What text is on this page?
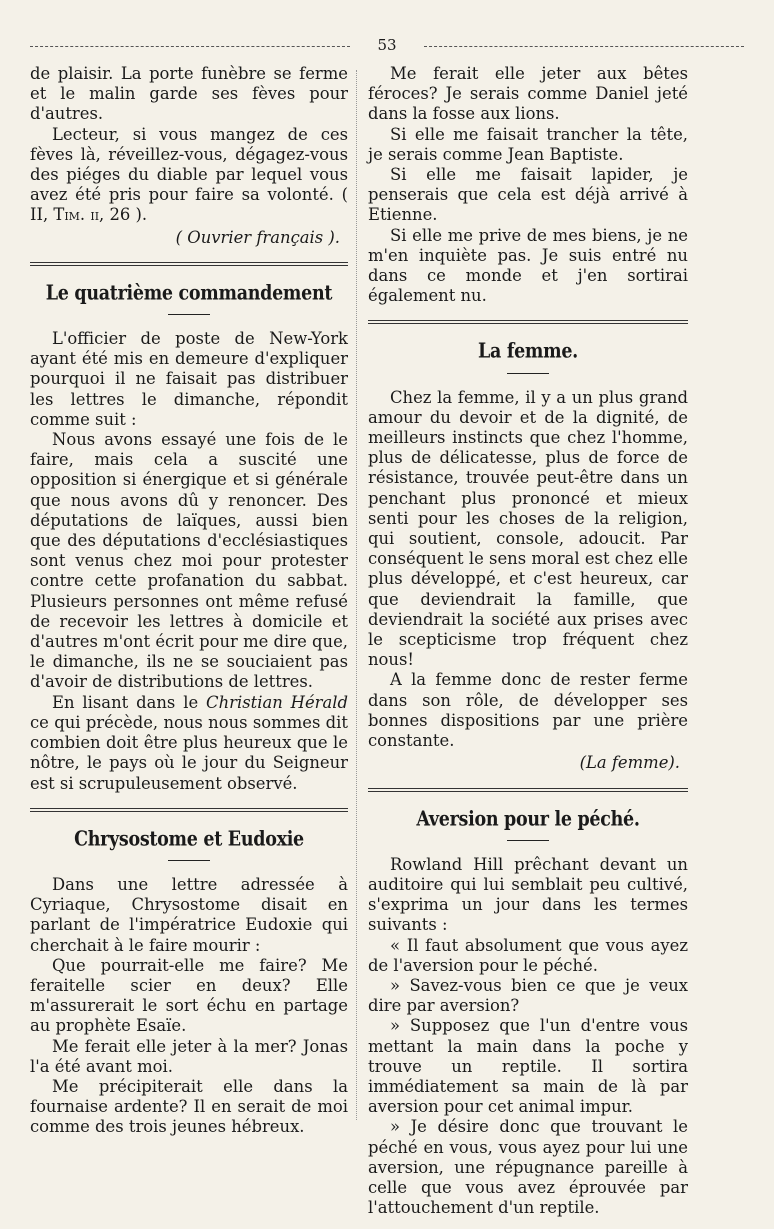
53

de plaisir. La porte funèbre se ferme et le malin garde ses fèves pour d'autres.

Lecteur, si vous mangez de ces fèves là, réveillez-vous, dégagez-vous des piéges du diable par lequel vous avez été pris pour faire sa volonté. ( II, Tim. ii, 26 ).

( Ouvrier français ).

Le quatrième commandement

L'officier de poste de New-York ayant été mis en demeure d'expliquer pourquoi il ne faisait pas distribuer les lettres le dimanche, répondit comme suit :

Nous avons essayé une fois de le faire, mais cela a suscité une opposition si énergique et si générale que nous avons dû y renoncer. Des députations de laïques, aussi bien que des députations d'ecclésiastiques sont venus chez moi pour protester contre cette profanation du sabbat. Plusieurs personnes ont même refusé de recevoir les lettres à domicile et d'autres m'ont écrit pour me dire que, le dimanche, ils ne se souciaient pas d'avoir de distributions de lettres.

En lisant dans le Christian Hérald ce qui précède, nous nous sommes dit combien doit être plus heureux que le nôtre, le pays où le jour du Seigneur est si scrupuleusement observé.

Chrysostome et Eudoxie

Dans une lettre adressée à Cyriaque, Chrysostome disait en parlant de l'impératrice Eudoxie qui cherchait à le faire mourir :

Que pourrait-elle me faire? Me feraitelle scier en deux? Elle m'assurerait le sort échu en partage au prophète Esaïe.

Me ferait elle jeter à la mer? Jonas l'a été avant moi.

Me précipiterait elle dans la fournaise ardente? Il en serait de moi comme des trois jeunes hébreux.

Me ferait elle jeter aux bêtes féroces? Je serais comme Daniel jeté dans la fosse aux lions.

Si elle me faisait trancher la tête, je serais comme Jean Baptiste.

Si elle me faisait lapider, je penserais que cela est déjà arrivé à Etienne.

Si elle me prive de mes biens, je ne m'en inquiète pas. Je suis entré nu dans ce monde et j'en sortirai également nu.

La femme.

Chez la femme, il y a un plus grand amour du devoir et de la dignité, de meilleurs instincts que chez l'homme, plus de délicatesse, plus de force de résistance, trouvée peut-être dans un penchant plus prononcé et mieux senti pour les choses de la religion, qui soutient, console, adoucit. Par conséquent le sens moral est chez elle plus développé, et c'est heureux, car que deviendrait la famille, que deviendrait la société aux prises avec le scepticisme trop fréquent chez nous!

A la femme donc de rester ferme dans son rôle, de développer ses bonnes dispositions par une prière constante.

(La femme).

Aversion pour le péché.

Rowland Hill prêchant devant un auditoire qui lui semblait peu cultivé, s'exprima un jour dans les termes suivants :

« Il faut absolument que vous ayez de l'aversion pour le péché.

» Savez-vous bien ce que je veux dire par aversion?

» Supposez que l'un d'entre vous mettant la main dans la poche y trouve un reptile. Il sortira immédiatement sa main de là par aversion pour cet animal impur.

» Je désire donc que trouvant le péché en vous, vous ayez pour lui une aversion, une répugnance pareille à celle que vous avez éprouvée par l'attouchement d'un reptile.
